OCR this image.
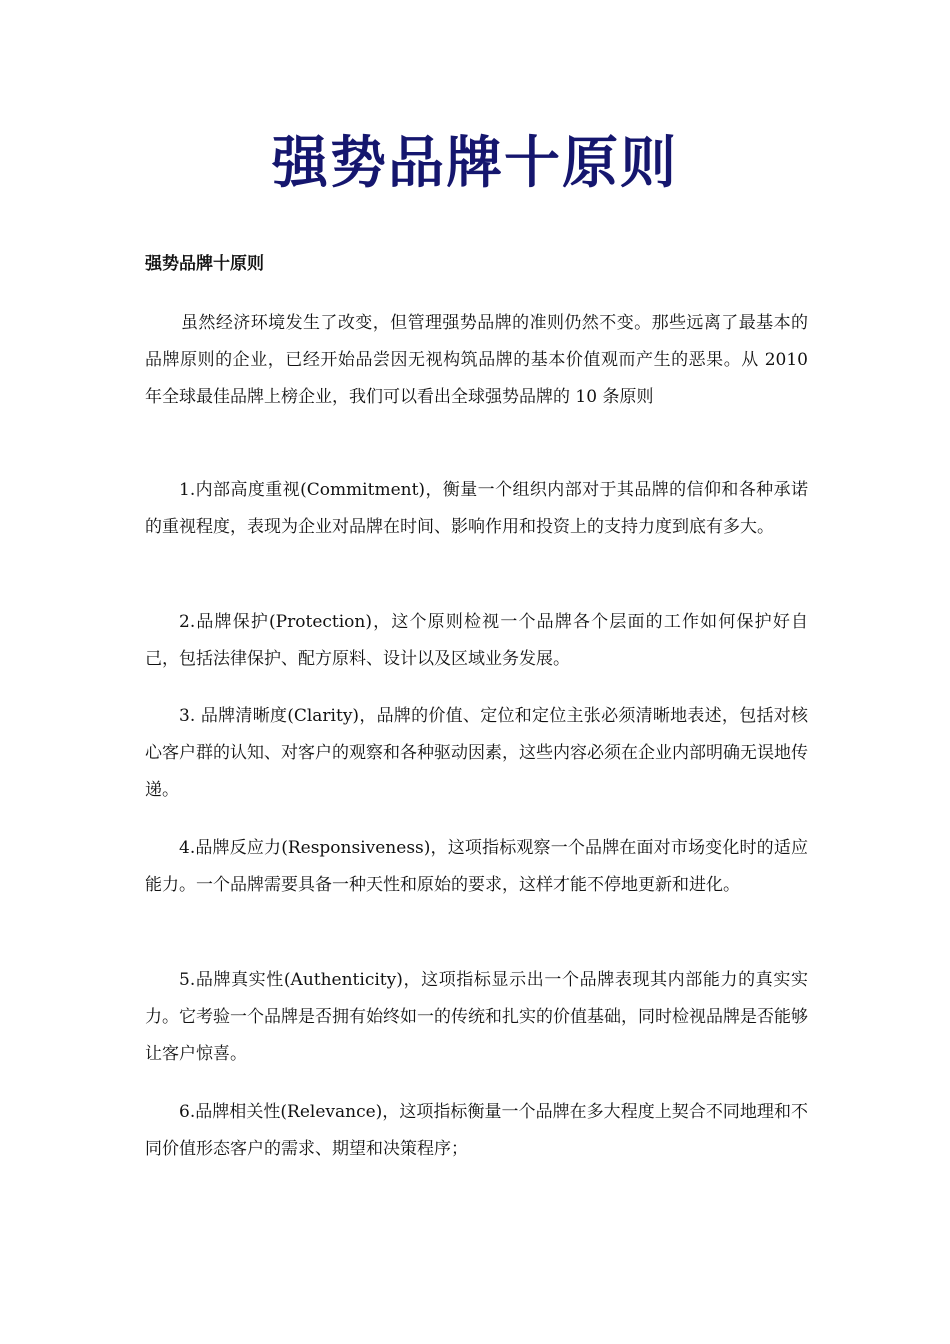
强势品牌十原则
强势品牌十原则

虽然经济环境发生了改变，但管理强势品牌的准则仍然不变。那些远离了最基本的品牌原则的企业，已经开始品尝因无视构筑品牌的基本价值观而产生的恶果。从 2010 年全球最佳品牌上榜企业，我们可以看出全球强势品牌的 10 条原则

1.内部高度重视(Commitment)，衡量一个组织内部对于其品牌的信仰和各种承诺的重视程度，表现为企业对品牌在时间、影响作用和投资上的支持力度到底有多大。

2.品牌保护(Protection)，这个原则检视一个品牌各个层面的工作如何保护好自己，包括法律保护、配方原料、设计以及区域业务发展。

3. 品牌清晰度(Clarity)，品牌的价值、定位和定位主张必须清晰地表述，包括对核心客户群的认知、对客户的观察和各种驱动因素，这些内容必须在企业内部明确无误地传递。

4.品牌反应力(Responsiveness)，这项指标观察一个品牌在面对市场变化时的适应能力。一个品牌需要具备一种天性和原始的要求，这样才能不停地更新和进化。

5.品牌真实性(Authenticity)，这项指标显示出一个品牌表现其内部能力的真实实力。它考验一个品牌是否拥有始终如一的传统和扎实的价值基础，同时检视品牌是否能够让客户惊喜。

6.品牌相关性(Relevance)，这项指标衡量一个品牌在多大程度上契合不同地理和不同价值形态客户的需求、期望和决策程序；
